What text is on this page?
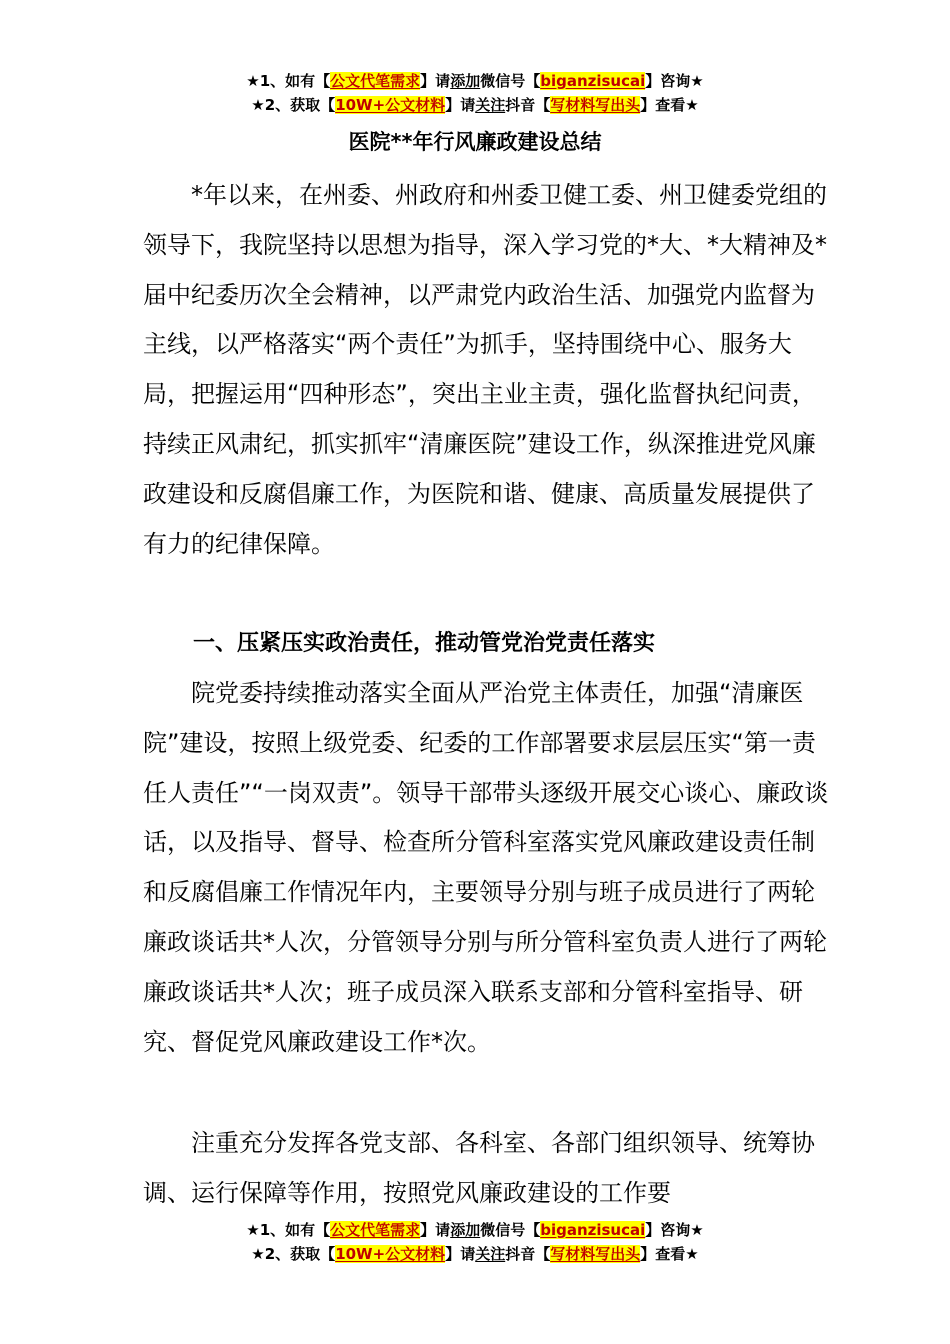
★1、如有【公文代笔需求】请添加微信号【biganzisucai】咨询★
★2、获取【10W+公文材料】请关注抖音【写材料写出头】查看★
医院**年行风廉政建设总结
*年以来，在州委、州政府和州委卫健工委、州卫健委党组的领导下，我院坚持以思想为指导，深入学习党的*大、*大精神及*届中纪委历次全会精神，以严肃党内政治生活、加强党内监督为主线，以严格落实“两个责任”为抓手，坚持围绕中心、服务大局，把握运用“四种形态”，突出主业主责，强化监督执纪问责，持续正风肃纪，抓实抓牢“清廉医院”建设工作，纵深推进党风廉政建设和反腐倡廉工作，为医院和谐、健康、高质量发展提供了有力的纪律保障。
一、压紧压实政治责任，推动管党治党责任落实
院党委持续推动落实全面从严治党主体责任，加强“清廉医院”建设，按照上级党委、纪委的工作部署要求层层压实“第一责任人责任”“一岗双责”。领导干部带头逐级开展交心谈心、廉政谈话，以及指导、督导、检查所分管科室落实党风廉政建设责任制和反腐倡廉工作情况年内，主要领导分别与班子成员进行了两轮廉政谈话共*人次，分管领导分别与所分管科室负责人进行了两轮廉政谈话共*人次；班子成员深入联系支部和分管科室指导、研究、督促党风廉政建设工作*次。
注重充分发挥各党支部、各科室、各部门组织领导、统筹协调、运行保障等作用，按照党风廉政建设的工作要
★1、如有【公文代笔需求】请添加微信号【biganzisucai】咨询★
★2、获取【10W+公文材料】请关注抖音【写材料写出头】查看★
